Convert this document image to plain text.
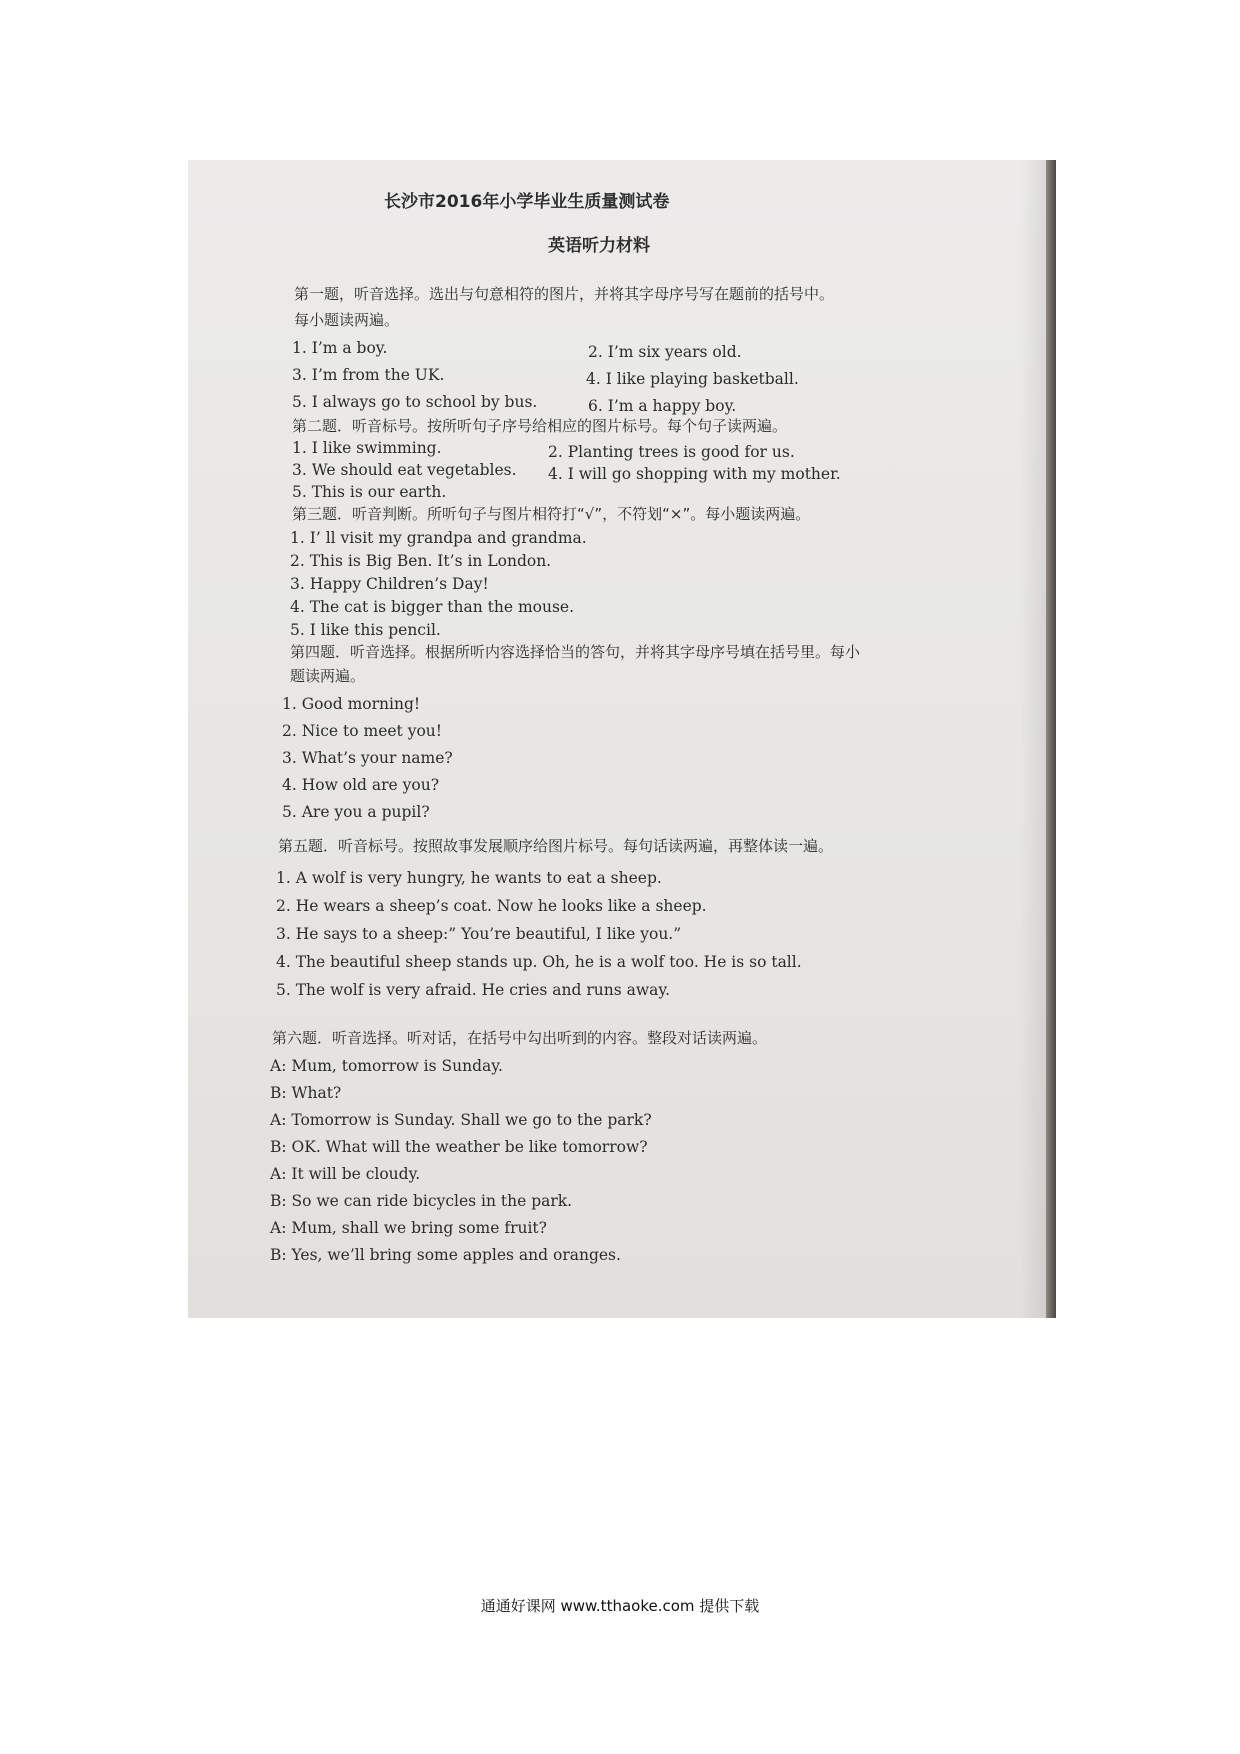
长沙市2016年小学毕业生质量测试卷
英语听力材料
第一题，听音选择。选出与句意相符的图片，并将其字母序号写在题前的括号中。
每小题读两遍。
1. I’m a boy.	2. I’m six years old.
3. I’m from the UK.	4. I like playing basketball.
5. I always go to school by bus.	6. I’m a happy boy.
第二题．听音标号。按所听句子序号给相应的图片标号。每个句子读两遍。
1. I like swimming.	2. Planting trees is good for us.
3. We should eat vegetables. 4. I will go shopping with my mother.
5. This is our earth.
第三题．听音判断。所听句子与图片相符打“√”，不符划“×”。每小题读两遍。
1. I’ ll visit my grandpa and grandma.
2. This is Big Ben. It’s in London.
3. Happy Children’s Day!
4. The cat is bigger than the mouse.
5. I like this pencil.
第四题．听音选择。根据所听内容选择恰当的答句，并将其字母序号填在括号里。每小
题读两遍。
1. Good morning!
2. Nice to meet you!
3. What’s your name?
4. How old are you?
5. Are you a pupil?
第五题．听音标号。按照故事发展顺序给图片标号。每句话读两遍，再整体读一遍。
1. A wolf is very hungry, he wants to eat a sheep.
2. He wears a sheep’s coat. Now he looks like a sheep.
3. He says to a sheep:” You’re beautiful, I like you.”
4. The beautiful sheep stands up. Oh, he is a wolf too. He is so tall.
5. The wolf is very afraid. He cries and runs away.
第六题．听音选择。听对话，在括号中勾出听到的内容。整段对话读两遍。
A: Mum, tomorrow is Sunday.
B: What?
A: Tomorrow is Sunday. Shall we go to the park?
B: OK. What will the weather be like tomorrow?
A: It will be cloudy.
B: So we can ride bicycles in the park.
A: Mum, shall we bring some fruit?
B: Yes, we’ll bring some apples and oranges.
通通好课网 www.tthaoke.com 提供下载
